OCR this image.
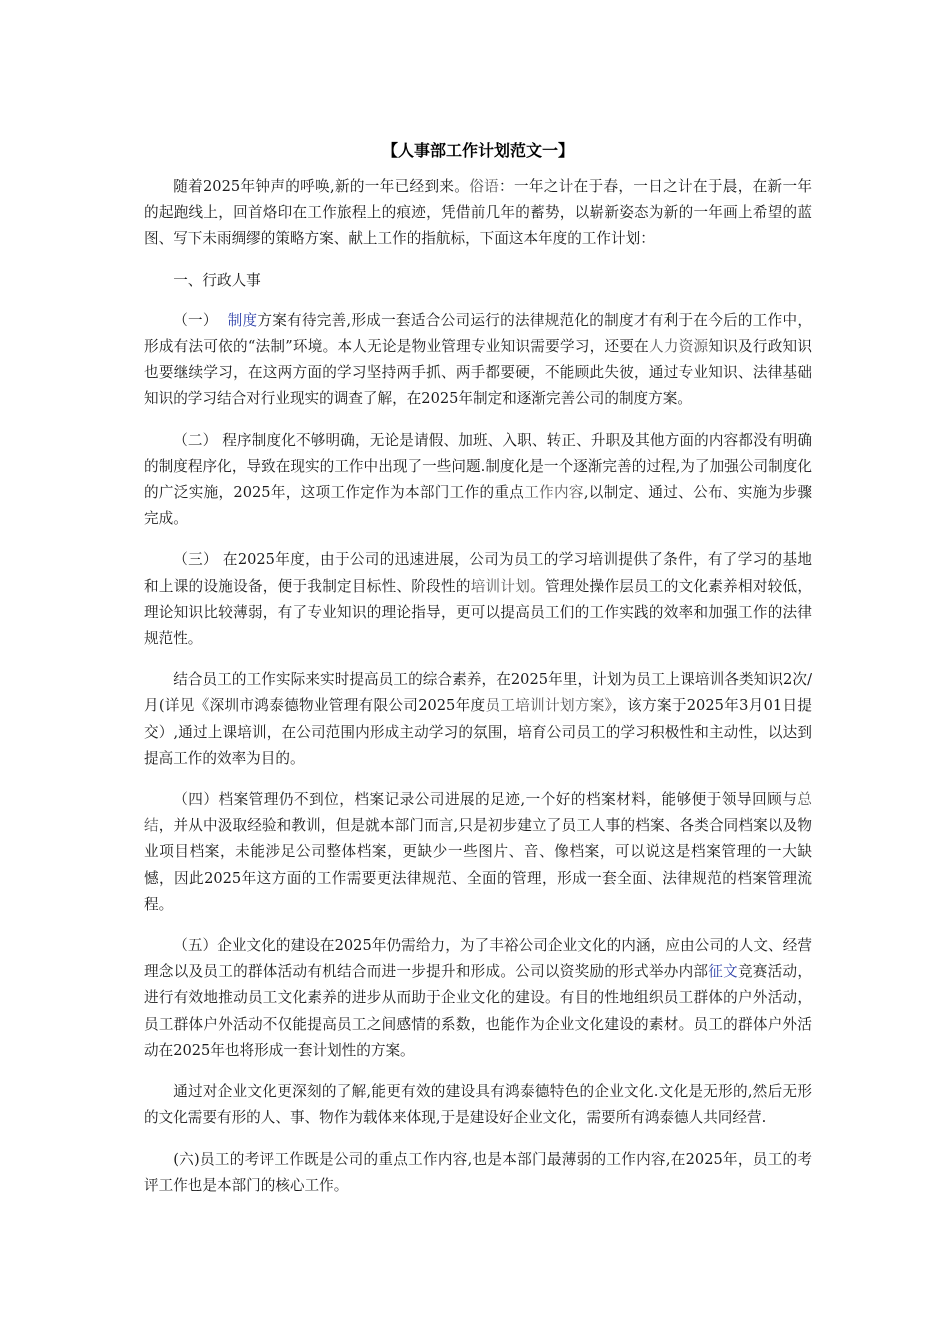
【人事部工作计划范文一】

随着2025年钟声的呼唤,新的一年已经到来。俗语：一年之计在于春，一日之计在于晨，在新一年的起跑线上，回首烙印在工作旅程上的痕迹，凭借前几年的蓄势，以崭新姿态为新的一年画上希望的蓝图、写下未雨绸缪的策略方案、献上工作的指航标，下面这本年度的工作计划：

一、行政人事

（一）  制度方案有待完善,形成一套适合公司运行的法律规范化的制度才有利于在今后的工作中，形成有法可依的“法制”环境。本人无论是物业管理专业知识需要学习，还要在人力资源知识及行政知识也要继续学习，在这两方面的学习坚持两手抓、两手都要硬，不能顾此失彼，通过专业知识、法律基础知识的学习结合对行业现实的调查了解，在2025年制定和逐渐完善公司的制度方案。

（二） 程序制度化不够明确，无论是请假、加班、入职、转正、升职及其他方面的内容都没有明确的制度程序化，导致在现实的工作中出现了一些问题.制度化是一个逐渐完善的过程,为了加强公司制度化的广泛实施，2025年，这项工作定作为本部门工作的重点工作内容,以制定、通过、公布、实施为步骤完成。

（三） 在2025年度，由于公司的迅速进展，公司为员工的学习培训提供了条件，有了学习的基地和上课的设施设备，便于我制定目标性、阶段性的培训计划。管理处操作层员工的文化素养相对较低，理论知识比较薄弱，有了专业知识的理论指导，更可以提高员工们的工作实践的效率和加强工作的法律规范性。

结合员工的工作实际来实时提高员工的综合素养，在2025年里，计划为员工上课培训各类知识2次/月(详见《深圳市鸿泰德物业管理有限公司2025年度员工培训计划方案》，该方案于2025年3月01日提交）,通过上课培训，在公司范围内形成主动学习的氛围，培育公司员工的学习积极性和主动性，以达到提高工作的效率为目的。

（四）档案管理仍不到位，档案记录公司进展的足迹,一个好的档案材料，能够便于领导回顾与总结，并从中汲取经验和教训，但是就本部门而言,只是初步建立了员工人事的档案、各类合同档案以及物业项目档案，未能涉足公司整体档案，更缺少一些图片、音、像档案，可以说这是档案管理的一大缺憾，因此2025年这方面的工作需要更法律规范、全面的管理，形成一套全面、法律规范的档案管理流程。

（五）企业文化的建设在2025年仍需给力，为了丰裕公司企业文化的内涵，应由公司的人文、经营理念以及员工的群体活动有机结合而进一步提升和形成。公司以资奖励的形式举办内部征文竞赛活动，进行有效地推动员工文化素养的进步从而助于企业文化的建设。有目的性地组织员工群体的户外活动，员工群体户外活动不仅能提高员工之间感情的系数，也能作为企业文化建设的素材。员工的群体户外活动在2025年也将形成一套计划性的方案。

通过对企业文化更深刻的了解,能更有效的建设具有鸿泰德特色的企业文化.文化是无形的,然后无形的文化需要有形的人、事、物作为载体来体现,于是建设好企业文化，需要所有鸿泰德人共同经营.

(六)员工的考评工作既是公司的重点工作内容,也是本部门最薄弱的工作内容,在2025年，员工的考评工作也是本部门的核心工作。
